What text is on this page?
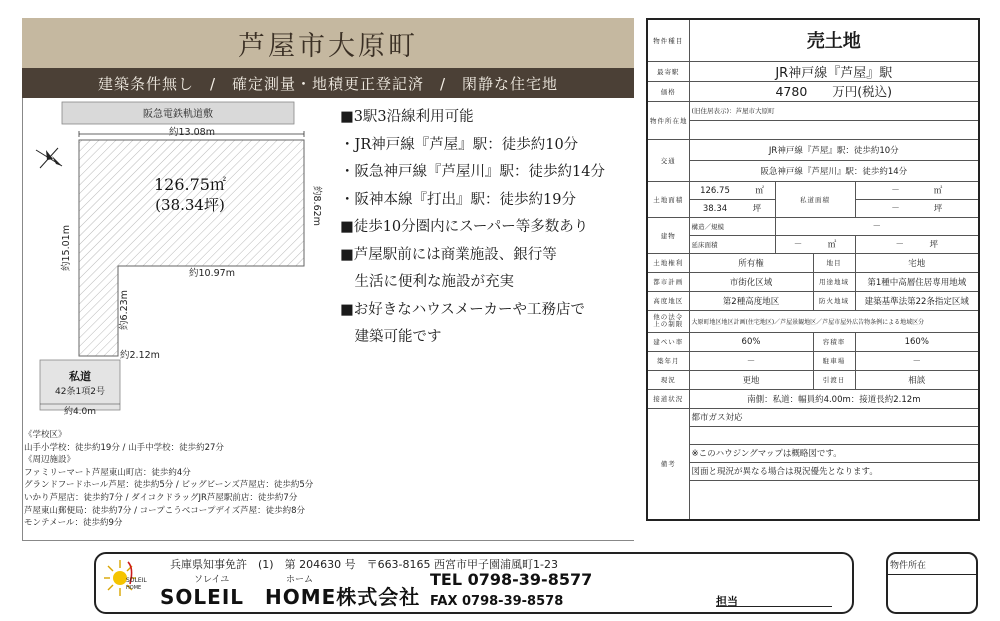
芦屋市大原町
建築条件無し　/　確定測量・地積更正登記済　/　閑静な住宅地
阪急電鉄軌道敷
約13.08m
約8.62m
約15.01m
約10.97m
約6.23m
約2.12m
126.75㎡
(38.34坪)
私道
42条1項2号
約4.0m
■3駅3沿線利用可能
・JR神戸線『芦屋』駅：徒歩約10分
・阪急神戸線『芦屋川』駅：徒歩約14分
・阪神本線『打出』駅：徒歩約19分
■徒歩10分圏内にスーパー等多数あり
■芦屋駅前には商業施設、銀行等
　生活に便利な施設が充実
■お好きなハウスメーカーや工務店で
　建築可能です
《学校区》
山手小学校：徒歩約19分 / 山手中学校：徒歩約27分
《周辺施設》
ファミリーマート芦屋東山町店：徒歩約4分
グランドフードホール芦屋：徒歩約5分 / ビッグビーンズ芦屋店：徒歩約5分
いかり芦屋店：徒歩約7分 / ダイコクドラッグJR芦屋駅前店：徒歩約7分
芦屋東山郵便局：徒歩約7分 / コープこうべコープデイズ芦屋：徒歩約8分
モンテメール：徒歩約9分
物件種目	売土地			
最寄駅	JR神戸線『芦屋』駅			
価格	4780　　万円(税込)			
物件所在地	(旧住居表示)：芦屋市大原町			

交通	JR神戸線『芦屋』駅：徒歩約10分			
	阪急神戸線『芦屋川』駅：徒歩約14分			
土地面積	126.75　　　 ㎡	私道面積		－　　　　 ㎡
	38.34　　　 坪			－　　　　 坪
建物	構造／規模	－		
	延床面積	－　　　 ㎡		－　　　 坪
土地権利	所有権		地目	宅地
都市計画	市街化区域		用途地域	第1種中高層住居専用地域
高度地区	第2種高度地区		防火地域	建築基準法第22条指定区域
他の法令上の制限	大原町地区地区計画(住宅地区)／芦屋景観地区／芦屋市屋外広告物条例による地域区分			
建ぺい率	60%		容積率	160%
築年月	－		駐車場	－
現況	更地		引渡日	相談
接道状況	南側：私道：幅員約4.00m：接道長約2.12m			
備考	都市ガス対応			

	※このハウジングマップは概略図です。			
	図面と現況が異なる場合は現況優先となります。			

兵庫県知事免許　(1)　第 204630 号　〒663-8165 西宮市甲子園浦風町1-23
SOLEIL
HOME
ソレイユ	ホーム
SOLEIL　HOME株式会社
TEL 0798-39-8577
FAX 0798-39-8578	担当
物件所在
